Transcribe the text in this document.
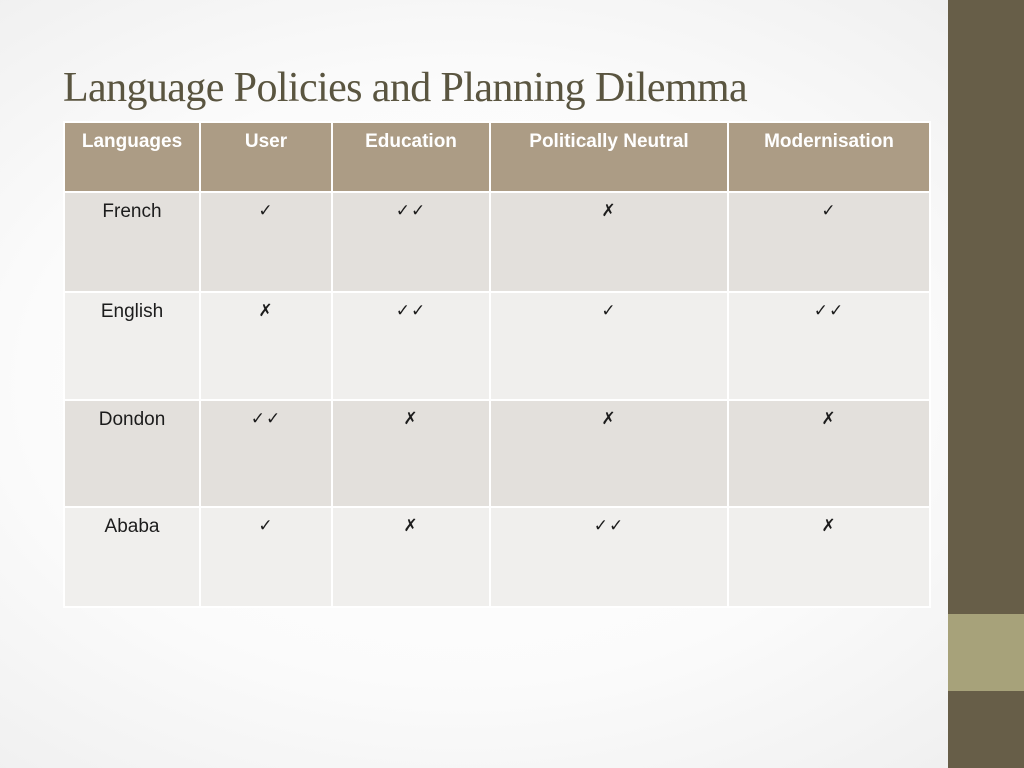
Language Policies and Planning Dilemma
Languages	User	Education	Politically Neutral	Modernisation
French	✓	✓✓	✗	✓
English	✗	✓✓	✓	✓✓
Dondon	✓✓	✗	✗	✗
Ababa	✓	✗	✓✓	✗
